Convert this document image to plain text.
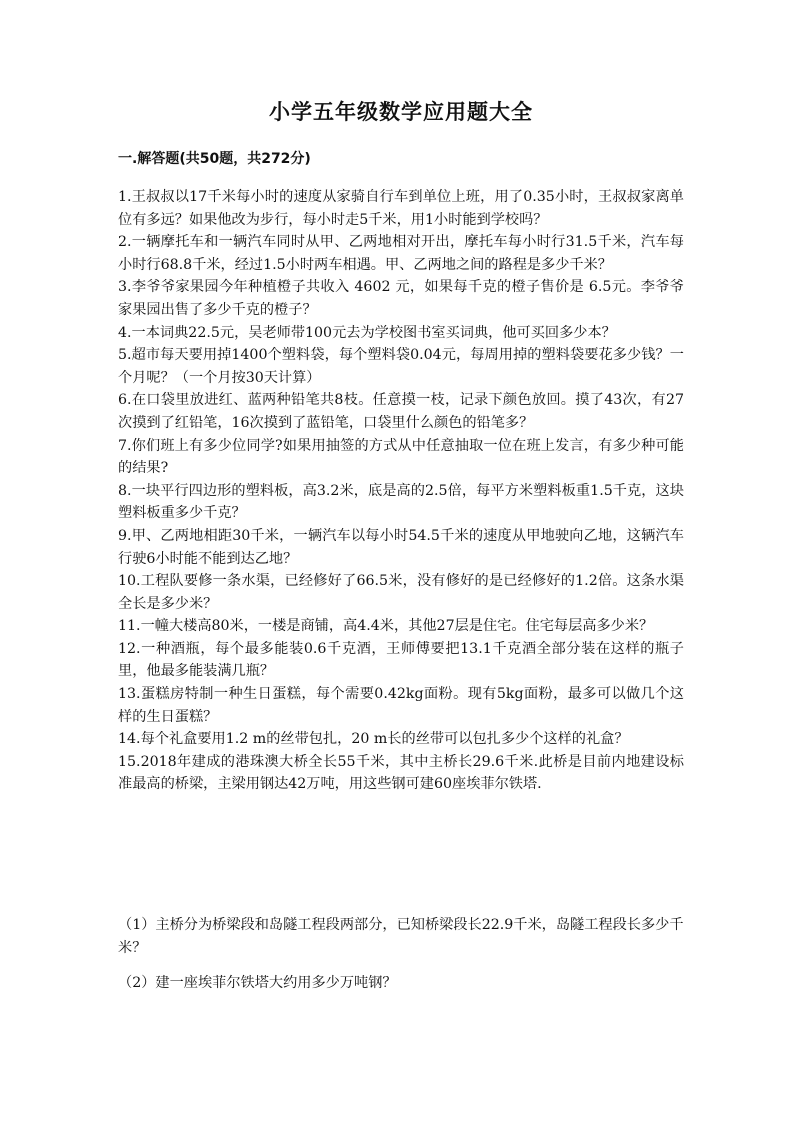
小学五年级数学应用题大全
一.解答题(共50题，共272分)
1.王叔叔以17千米每小时的速度从家骑自行车到单位上班，用了0.35小时，王叔叔家离单位有多远？如果他改为步行，每小时走5千米，用1小时能到学校吗？
2.一辆摩托车和一辆汽车同时从甲、乙两地相对开出，摩托车每小时行31.5千米，汽车每小时行68.8千米，经过1.5小时两车相遇。甲、乙两地之间的路程是多少千米？
3.李爷爷家果园今年种植橙子共收入 4602 元，如果每千克的橙子售价是 6.5元。李爷爷家果园出售了多少千克的橙子？
4.一本词典22.5元，吴老师带100元去为学校图书室买词典，他可买回多少本？
5.超市每天要用掉1400个塑料袋，每个塑料袋0.04元，每周用掉的塑料袋要花多少钱？一个月呢？（一个月按30天计算）
6.在口袋里放进红、蓝两种铅笔共8枝。任意摸一枝，记录下颜色放回。摸了43次，有27次摸到了红铅笔，16次摸到了蓝铅笔，口袋里什么颜色的铅笔多？
7.你们班上有多少位同学?如果用抽签的方式从中任意抽取一位在班上发言，有多少种可能的结果?
8.一块平行四边形的塑料板，高3.2米，底是高的2.5倍，每平方米塑料板重1.5千克，这块塑料板重多少千克？
9.甲、乙两地相距30千米，一辆汽车以每小时54.5千米的速度从甲地驶向乙地，这辆汽车行驶6小时能不能到达乙地？
10.工程队要修一条水渠，已经修好了66.5米，没有修好的是已经修好的1.2倍。这条水渠全长是多少米？
11.一幢大楼高80米，一楼是商铺，高4.4米，其他27层是住宅。住宅每层高多少米？
12.一种酒瓶，每个最多能装0.6千克酒，王师傅要把13.1千克酒全部分装在这样的瓶子里，他最多能装满几瓶？
13.蛋糕房特制一种生日蛋糕，每个需要0.42kg面粉。现有5kg面粉，最多可以做几个这样的生日蛋糕？
14.每个礼盒要用1.2 m的丝带包扎，20 m长的丝带可以包扎多少个这样的礼盒？
15.2018年建成的港珠澳大桥全长55千米，其中主桥长29.6千米.此桥是目前内地建设标准最高的桥梁，主梁用钢达42万吨，用这些钢可建60座埃菲尔铁塔.

（1）主桥分为桥梁段和岛隧工程段两部分，已知桥梁段长22.9千米，岛隧工程段长多少千米？

（2）建一座埃菲尔铁塔大约用多少万吨钢？
